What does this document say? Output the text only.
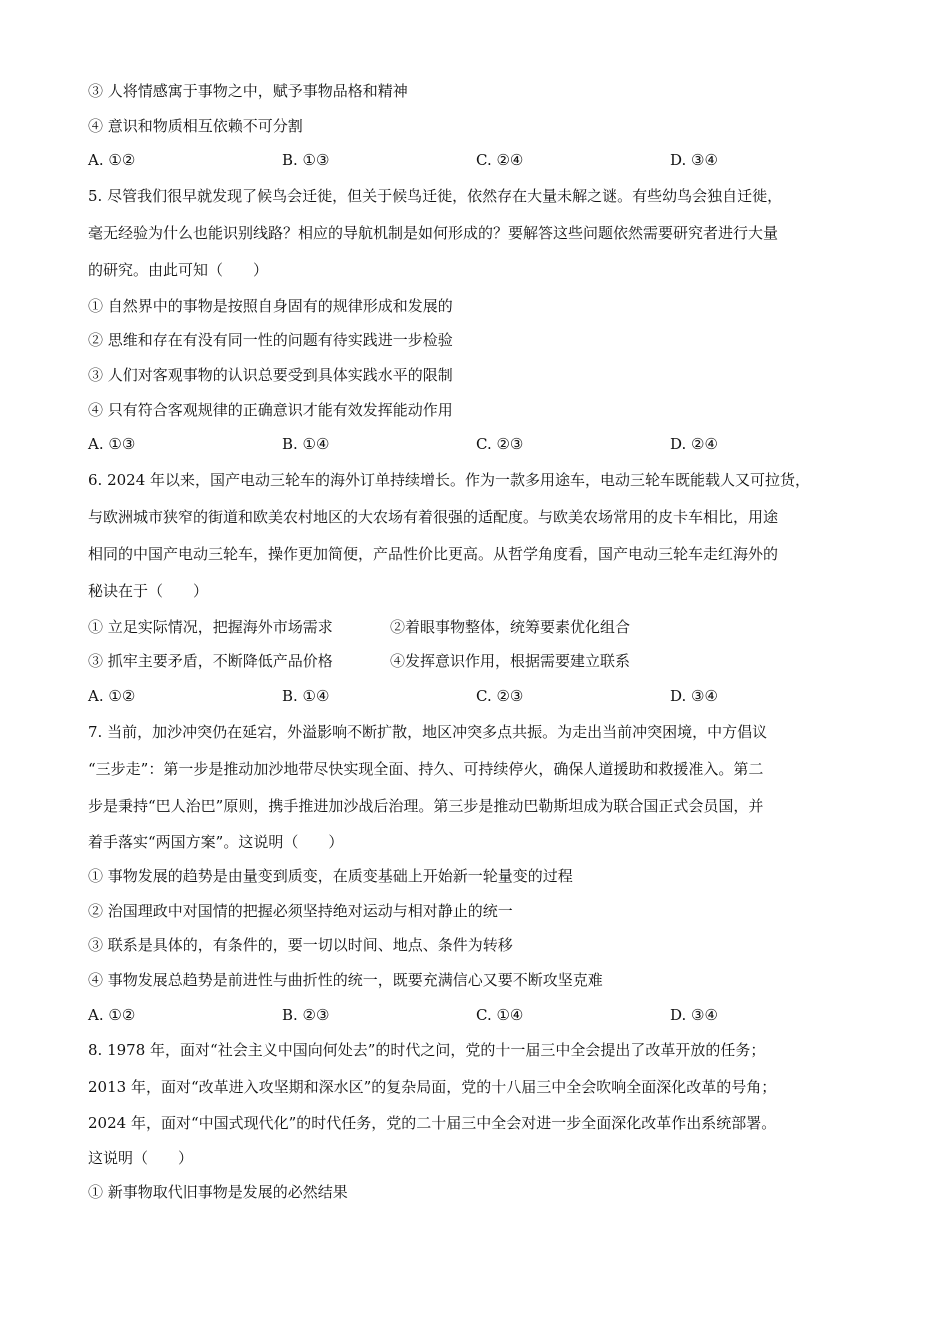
③ 人将情感寓于事物之中，赋予事物品格和精神
④ 意识和物质相互依赖不可分割
A. ①②	B. ①③	C. ②④	D. ③④
5. 尽管我们很早就发现了候鸟会迁徙，但关于候鸟迁徙，依然存在大量未解之谜。有些幼鸟会独自迁徙，
毫无经验为什么也能识别线路？相应的导航机制是如何形成的？要解答这些问题依然需要研究者进行大量
的研究。由此可知（　　）
① 自然界中的事物是按照自身固有的规律形成和发展的
② 思维和存在有没有同一性的问题有待实践进一步检验
③ 人们对客观事物的认识总要受到具体实践水平的限制
④ 只有符合客观规律的正确意识才能有效发挥能动作用
A. ①③	B. ①④	C. ②③	D. ②④
6. 2024 年以来，国产电动三轮车的海外订单持续增长。作为一款多用途车，电动三轮车既能载人又可拉货，
与欧洲城市狭窄的街道和欧美农村地区的大农场有着很强的适配度。与欧美农场常用的皮卡车相比，用途
相同的中国产电动三轮车，操作更加简便，产品性价比更高。从哲学角度看，国产电动三轮车走红海外的
秘诀在于（　　）
① 立足实际情况，把握海外市场需求	②着眼事物整体，统筹要素优化组合
③ 抓牢主要矛盾，不断降低产品价格	④发挥意识作用，根据需要建立联系
A. ①②	B. ①④	C. ②③	D. ③④
7. 当前，加沙冲突仍在延宕，外溢影响不断扩散，地区冲突多点共振。为走出当前冲突困境，中方倡议
“三步走”：第一步是推动加沙地带尽快实现全面、持久、可持续停火，确保人道援助和救援准入。第二
步是秉持“巴人治巴”原则，携手推进加沙战后治理。第三步是推动巴勒斯坦成为联合国正式会员国，并
着手落实“两国方案”。这说明（　　）
① 事物发展的趋势是由量变到质变，在质变基础上开始新一轮量变的过程
② 治国理政中对国情的把握必须坚持绝对运动与相对静止的统一
③ 联系是具体的，有条件的，要一切以时间、地点、条件为转移
④ 事物发展总趋势是前进性与曲折性的统一，既要充满信心又要不断攻坚克难
A. ①②	B. ②③	C. ①④	D. ③④
8. 1978 年，面对“社会主义中国向何处去”的时代之问，党的十一届三中全会提出了改革开放的任务；
2013 年，面对“改革进入攻坚期和深水区”的复杂局面，党的十八届三中全会吹响全面深化改革的号角；
2024 年，面对“中国式现代化”的时代任务，党的二十届三中全会对进一步全面深化改革作出系统部署。
这说明（　　）
① 新事物取代旧事物是发展的必然结果
